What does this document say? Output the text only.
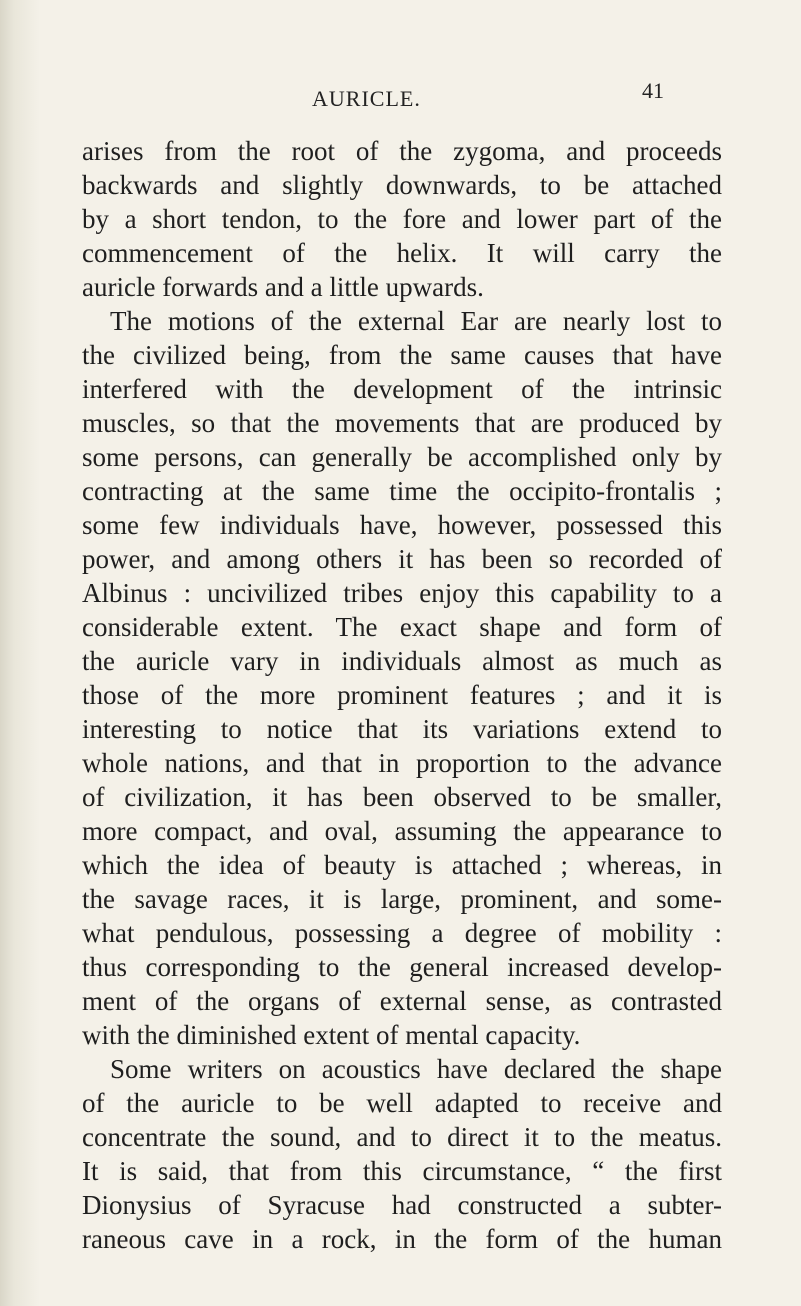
AURICLE.	41
arises from the root of the zygoma, and proceeds
backwards and slightly downwards, to be attached
by a short tendon, to the fore and lower part of the
commencement of the helix. It will carry the
auricle forwards and a little upwards.
The motions of the external Ear are nearly lost to
the civilized being, from the same causes that have
interfered with the development of the intrinsic
muscles, so that the movements that are produced by
some persons, can generally be accomplished only by
contracting at the same time the occipito-frontalis ;
some few individuals have, however, possessed this
power, and among others it has been so recorded of
Albinus : uncivilized tribes enjoy this capability to a
considerable extent. The exact shape and form of
the auricle vary in individuals almost as much as
those of the more prominent features ; and it is
interesting to notice that its variations extend to
whole nations, and that in proportion to the advance
of civilization, it has been observed to be smaller,
more compact, and oval, assuming the appearance to
which the idea of beauty is attached ; whereas, in
the savage races, it is large, prominent, and some-
what pendulous, possessing a degree of mobility :
thus corresponding to the general increased develop-
ment of the organs of external sense, as contrasted
with the diminished extent of mental capacity.
Some writers on acoustics have declared the shape
of the auricle to be well adapted to receive and
concentrate the sound, and to direct it to the meatus.
It is said, that from this circumstance, “ the first
Dionysius of Syracuse had constructed a subter-
raneous cave in a rock, in the form of the human
